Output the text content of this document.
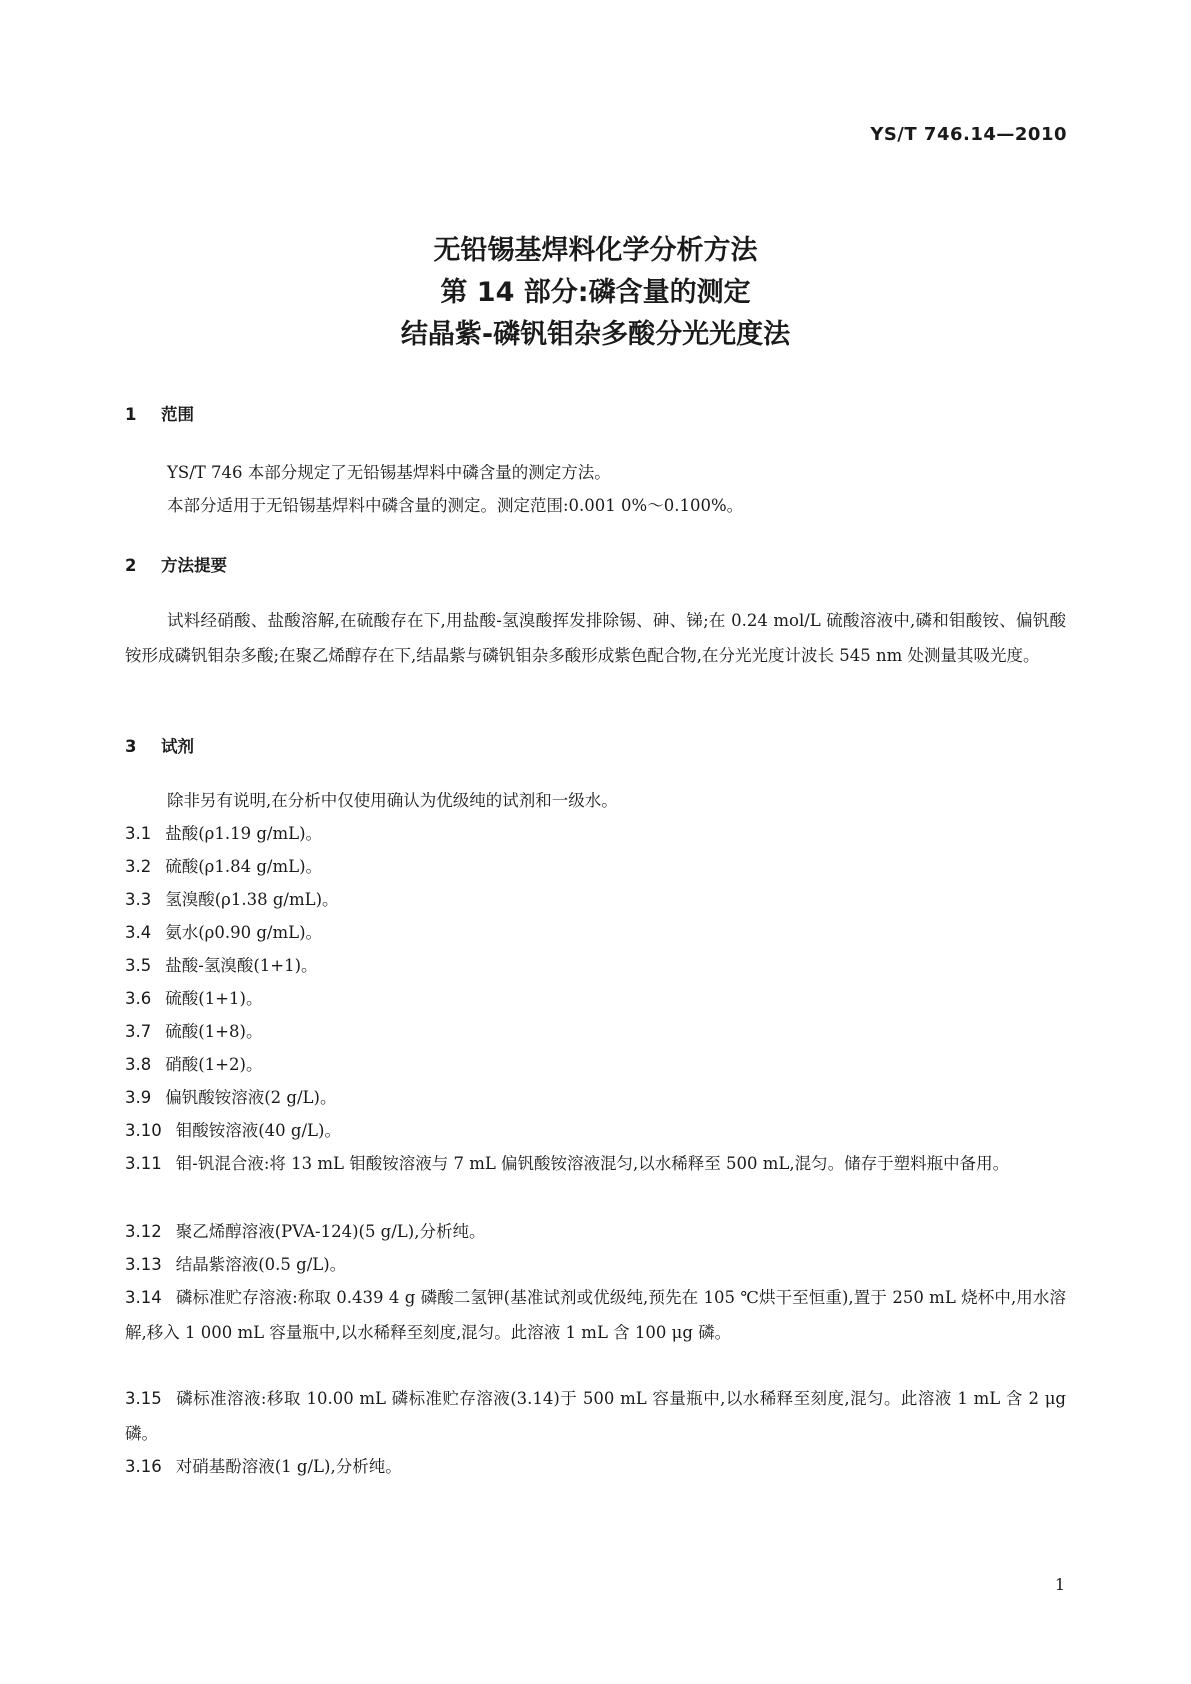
YS/T 746.14—2010
无铅锡基焊料化学分析方法
第 14 部分:磷含量的测定
结晶紫-磷钒钼杂多酸分光光度法
1 范围
YS/T 746 本部分规定了无铅锡基焊料中磷含量的测定方法。
本部分适用于无铅锡基焊料中磷含量的测定。测定范围:0.001 0%～0.100%。
2 方法提要
试料经硝酸、盐酸溶解,在硫酸存在下,用盐酸-氢溴酸挥发排除锡、砷、锑;在 0.24 mol/L 硫酸溶液中,磷和钼酸铵、偏钒酸铵形成磷钒钼杂多酸;在聚乙烯醇存在下,结晶紫与磷钒钼杂多酸形成紫色配合物,在分光光度计波长 545 nm 处测量其吸光度。
3 试剂
除非另有说明,在分析中仅使用确认为优级纯的试剂和一级水。
3.1 盐酸(ρ1.19 g/mL)。
3.2 硫酸(ρ1.84 g/mL)。
3.3 氢溴酸(ρ1.38 g/mL)。
3.4 氨水(ρ0.90 g/mL)。
3.5 盐酸-氢溴酸(1+1)。
3.6 硫酸(1+1)。
3.7 硫酸(1+8)。
3.8 硝酸(1+2)。
3.9 偏钒酸铵溶液(2 g/L)。
3.10 钼酸铵溶液(40 g/L)。
3.11 钼-钒混合液:将 13 mL 钼酸铵溶液与 7 mL 偏钒酸铵溶液混匀,以水稀释至 500 mL,混匀。储存于塑料瓶中备用。
3.12 聚乙烯醇溶液(PVA-124)(5 g/L),分析纯。
3.13 结晶紫溶液(0.5 g/L)。
3.14 磷标准贮存溶液:称取 0.439 4 g 磷酸二氢钾(基准试剂或优级纯,预先在 105 ℃烘干至恒重),置于 250 mL 烧杯中,用水溶解,移入 1 000 mL 容量瓶中,以水稀释至刻度,混匀。此溶液 1 mL 含 100 μg 磷。
3.15 磷标准溶液:移取 10.00 mL 磷标准贮存溶液(3.14)于 500 mL 容量瓶中,以水稀释至刻度,混匀。此溶液 1 mL 含 2 μg 磷。
3.16 对硝基酚溶液(1 g/L),分析纯。
1
